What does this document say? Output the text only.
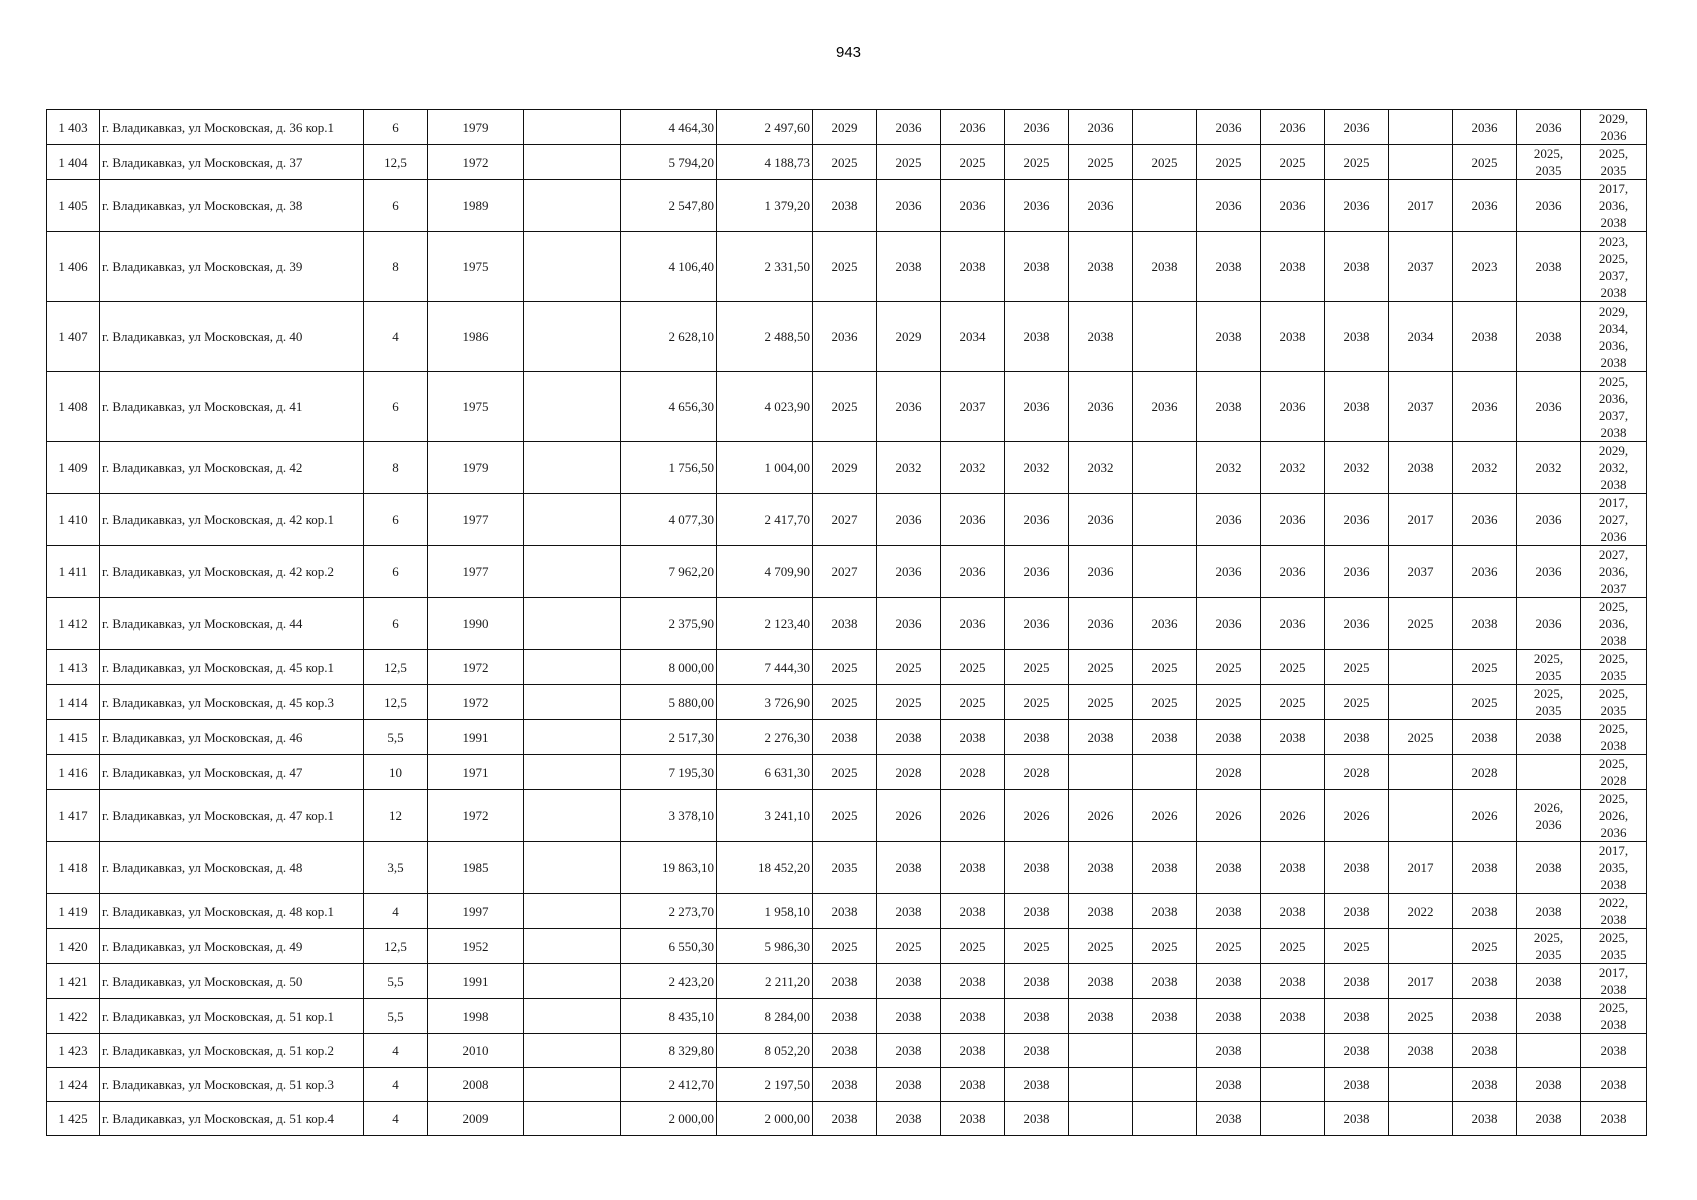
943
1 403	г. Владикавказ, ул Московская, д. 36 кор.1	6	1979		4 464,30	2 497,60	2029	2036	2036	2036	2036		2036	2036	2036		2036	2036	2029,
2036
1 404	г. Владикавказ, ул Московская, д. 37	12,5	1972		5 794,20	4 188,73	2025	2025	2025	2025	2025	2025	2025	2025	2025		2025	2025,
2035	2025,
2035
1 405	г. Владикавказ, ул Московская, д. 38	6	1989		2 547,80	1 379,20	2038	2036	2036	2036	2036		2036	2036	2036	2017	2036	2036	2017,
2036,
2038
1 406	г. Владикавказ, ул Московская, д. 39	8	1975		4 106,40	2 331,50	2025	2038	2038	2038	2038	2038	2038	2038	2038	2037	2023	2038	2023,
2025,
2037,
2038
1 407	г. Владикавказ, ул Московская, д. 40	4	1986		2 628,10	2 488,50	2036	2029	2034	2038	2038		2038	2038	2038	2034	2038	2038	2029,
2034,
2036,
2038
1 408	г. Владикавказ, ул Московская, д. 41	6	1975		4 656,30	4 023,90	2025	2036	2037	2036	2036	2036	2038	2036	2038	2037	2036	2036	2025,
2036,
2037,
2038
1 409	г. Владикавказ, ул Московская, д. 42	8	1979		1 756,50	1 004,00	2029	2032	2032	2032	2032		2032	2032	2032	2038	2032	2032	2029,
2032,
2038
1 410	г. Владикавказ, ул Московская, д. 42 кор.1	6	1977		4 077,30	2 417,70	2027	2036	2036	2036	2036		2036	2036	2036	2017	2036	2036	2017,
2027,
2036
1 411	г. Владикавказ, ул Московская, д. 42 кор.2	6	1977		7 962,20	4 709,90	2027	2036	2036	2036	2036		2036	2036	2036	2037	2036	2036	2027,
2036,
2037
1 412	г. Владикавказ, ул Московская, д. 44	6	1990		2 375,90	2 123,40	2038	2036	2036	2036	2036	2036	2036	2036	2036	2025	2038	2036	2025,
2036,
2038
1 413	г. Владикавказ, ул Московская, д. 45 кор.1	12,5	1972		8 000,00	7 444,30	2025	2025	2025	2025	2025	2025	2025	2025	2025		2025	2025,
2035	2025,
2035
1 414	г. Владикавказ, ул Московская, д. 45 кор.3	12,5	1972		5 880,00	3 726,90	2025	2025	2025	2025	2025	2025	2025	2025	2025		2025	2025,
2035	2025,
2035
1 415	г. Владикавказ, ул Московская, д. 46	5,5	1991		2 517,30	2 276,30	2038	2038	2038	2038	2038	2038	2038	2038	2038	2025	2038	2038	2025,
2038
1 416	г. Владикавказ, ул Московская, д. 47	10	1971		7 195,30	6 631,30	2025	2028	2028	2028			2028		2028		2028		2025,
2028
1 417	г. Владикавказ, ул Московская, д. 47 кор.1	12	1972		3 378,10	3 241,10	2025	2026	2026	2026	2026	2026	2026	2026	2026		2026	2026,
2036	2025,
2026,
2036
1 418	г. Владикавказ, ул Московская, д. 48	3,5	1985		19 863,10	18 452,20	2035	2038	2038	2038	2038	2038	2038	2038	2038	2017	2038	2038	2017,
2035,
2038
1 419	г. Владикавказ, ул Московская, д. 48 кор.1	4	1997		2 273,70	1 958,10	2038	2038	2038	2038	2038	2038	2038	2038	2038	2022	2038	2038	2022,
2038
1 420	г. Владикавказ, ул Московская, д. 49	12,5	1952		6 550,30	5 986,30	2025	2025	2025	2025	2025	2025	2025	2025	2025		2025	2025,
2035	2025,
2035
1 421	г. Владикавказ, ул Московская, д. 50	5,5	1991		2 423,20	2 211,20	2038	2038	2038	2038	2038	2038	2038	2038	2038	2017	2038	2038	2017,
2038
1 422	г. Владикавказ, ул Московская, д. 51 кор.1	5,5	1998		8 435,10	8 284,00	2038	2038	2038	2038	2038	2038	2038	2038	2038	2025	2038	2038	2025,
2038
1 423	г. Владикавказ, ул Московская, д. 51 кор.2	4	2010		8 329,80	8 052,20	2038	2038	2038	2038			2038		2038	2038	2038		2038
1 424	г. Владикавказ, ул Московская, д. 51 кор.3	4	2008		2 412,70	2 197,50	2038	2038	2038	2038			2038		2038		2038	2038	2038
1 425	г. Владикавказ, ул Московская, д. 51 кор.4	4	2009		2 000,00	2 000,00	2038	2038	2038	2038			2038		2038		2038	2038	2038
